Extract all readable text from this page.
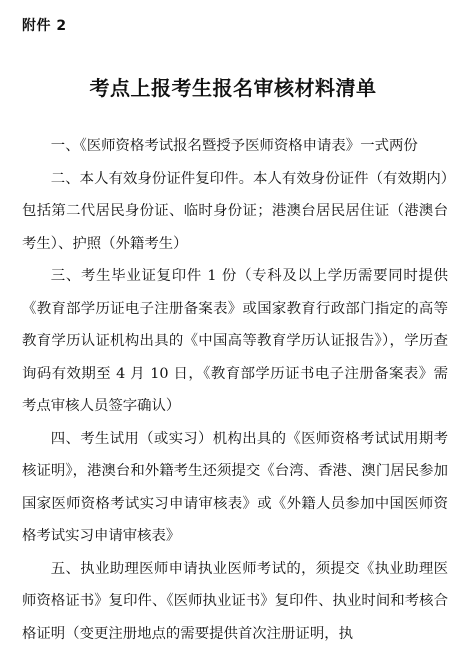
附件 2
考点上报考生报名审核材料清单

一、《医师资格考试报名暨授予医师资格申请表》一式两份

二、本人有效身份证件复印件。本人有效身份证件（有效期内）包括第二代居民身份证、临时身份证；港澳台居民居住证（港澳台考生）、护照（外籍考生）

三、考生毕业证复印件 1 份（专科及以上学历需要同时提供《教育部学历证电子注册备案表》或国家教育行政部门指定的高等教育学历认证机构出具的《中国高等教育学历认证报告》），学历查询码有效期至 4 月 10 日，《教育部学历证书电子注册备案表》需考点审核人员签字确认）

四、考生试用（或实习）机构出具的《医师资格考试试用期考核证明》，港澳台和外籍考生还须提交《台湾、香港、澳门居民参加国家医师资格考试实习申请审核表》或《外籍人员参加中国医师资格考试实习申请审核表》

五、执业助理医师申请执业医师考试的，须提交《执业助理医师资格证书》复印件、《医师执业证书》复印件、执业时间和考核合格证明（变更注册地点的需要提供首次注册证明，执
